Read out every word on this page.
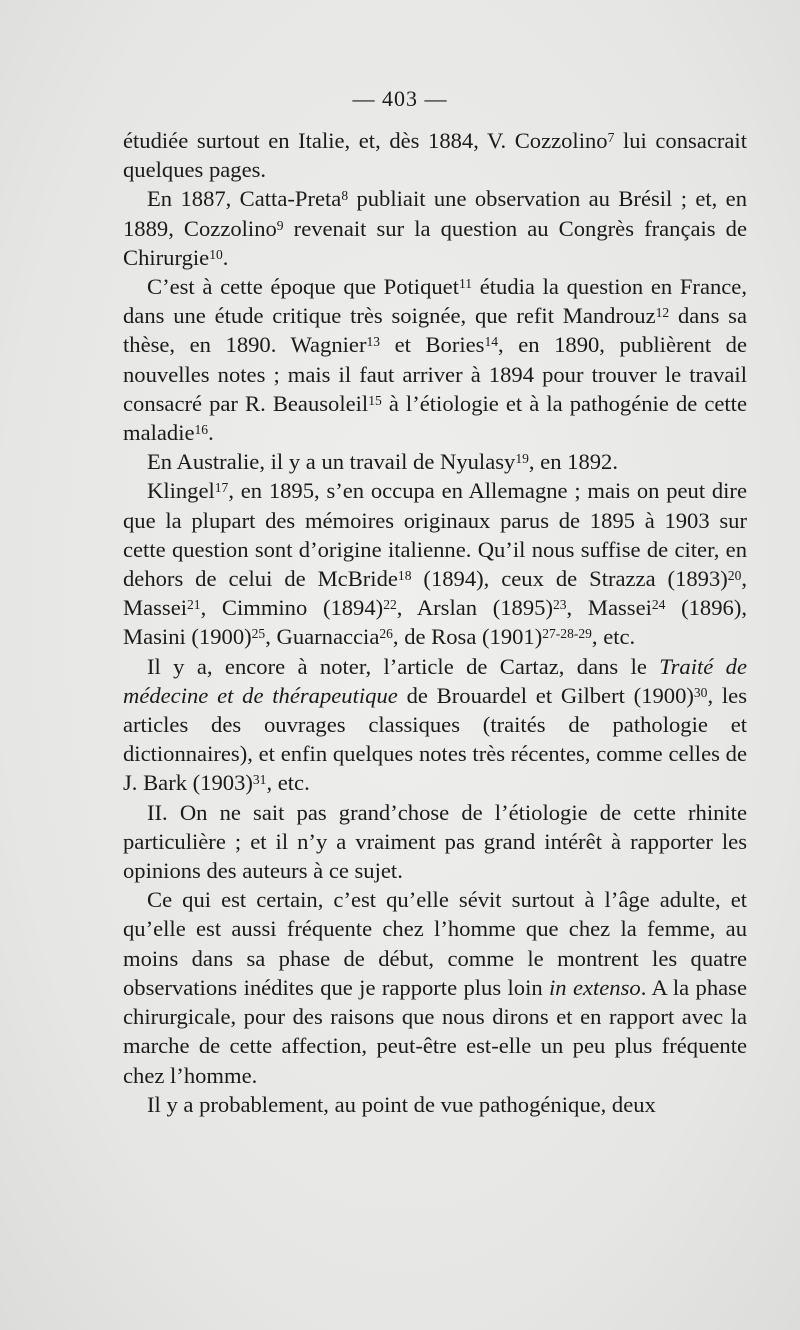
— 403 —

étudiée surtout en Italie, et, dès 1884, V. Cozzolino$^7$ lui consacrait quelques pages.

En 1887, Catta-Preta$^8$ publiait une observation au Brésil ; et, en 1889, Cozzolino$^9$ revenait sur la question au Congrès français de Chirurgie$^{10}$.

C’est à cette époque que Potiquet$^{11}$ étudia la question en France, dans une étude critique très soignée, que refit Mandrouz$^{12}$ dans sa thèse, en 1890. Wagnier$^{13}$ et Bories$^{14}$, en 1890, publièrent de nouvelles notes ; mais il faut arriver à 1894 pour trouver le travail consacré par R. Beausoleil$^{15}$ à l’étiologie et à la pathogénie de cette maladie$^{16}$.

En Australie, il y a un travail de Nyulasy$^{19}$, en 1892.

Klingel$^{17}$, en 1895, s’en occupa en Allemagne ; mais on peut dire que la plupart des mémoires originaux parus de 1895 à 1903 sur cette question sont d’origine italienne. Qu’il nous suffise de citer, en dehors de celui de McBride$^{18}$ (1894), ceux de Strazza $(1893)^{20}$, Massei$^{21}$, Cimmino $(1894)^{22}$, Arslan $(1895)^{23}$, Massei$^{24}$ (1896), Masini $(1900)^{25}$, Guarnaccia$^{26}$, de Rosa $(1901)^{27-28-29}$, etc.

Il y a, encore à noter, l’article de Cartaz, dans le Traité de médecine et de thérapeutique de Brouardel et Gilbert $(1900)^{30}$, les articles des ouvrages classiques (traités de pathologie et dictionnaires), et enfin quelques notes très récentes, comme celles de J. Bark $(1903)^{31}$, etc.

II. On ne sait pas grand’chose de l’étiologie de cette rhinite particulière ; et il n’y a vraiment pas grand intérêt à rapporter les opinions des auteurs à ce sujet.

Ce qui est certain, c’est qu’elle sévit surtout à l’âge adulte, et qu’elle est aussi fréquente chez l’homme que chez la femme, au moins dans sa phase de début, comme le montrent les quatre observations inédites que je rapporte plus loin in extenso. A la phase chirurgicale, pour des raisons que nous dirons et en rapport avec la marche de cette affection, peut-être est-elle un peu plus fréquente chez l’homme.

Il y a probablement, au point de vue pathogénique, deux
